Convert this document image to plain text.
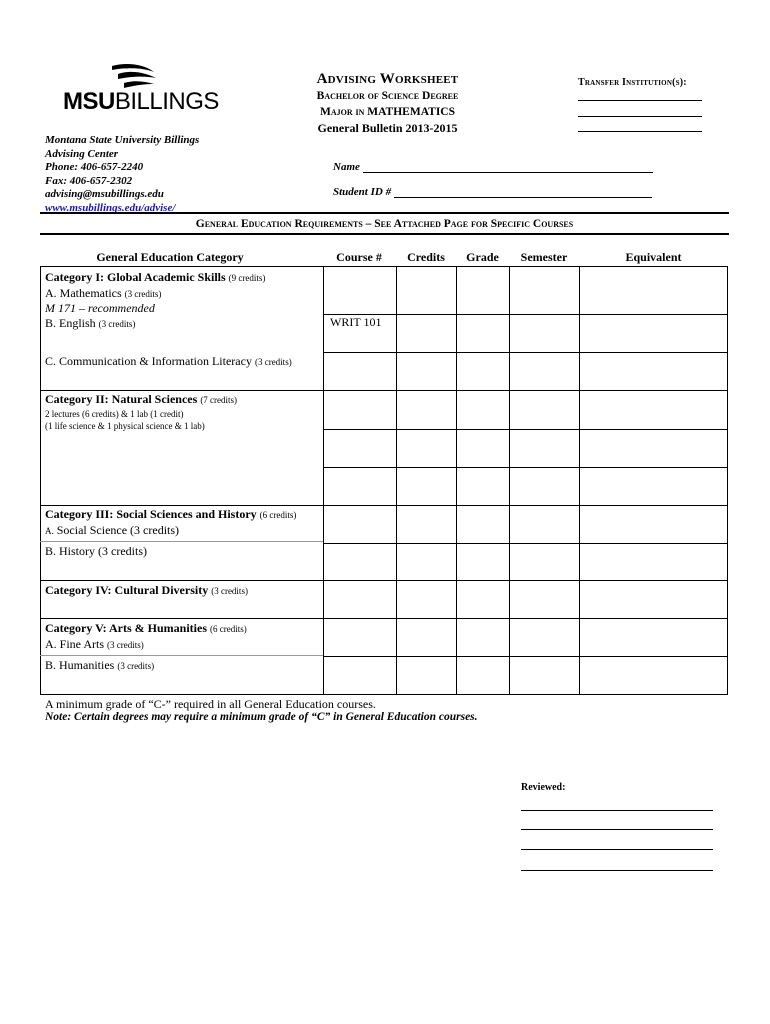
MSUBILLINGS
Montana State University Billings
Advising Center
Phone: 406-657-2240
Fax: 406-657-2302
advising@msubillings.edu
www.msubillings.edu/advise/
Advising Worksheet
Bachelor of Science Degree
Major in MATHEMATICS
General Bulletin 2013-2015
Transfer Institution(s):
Name
Student ID #
General Education Requirements – See Attached Page for Specific Courses
General Education Category	Course #	Credits	Grade	Semester	Equivalent
Category I: Global Academic Skills (9 credits)
A. Mathematics (3 credits)
M 171 – recommended
B. English (3 credits)	WRIT 101
C. Communication & Information Literacy (3 credits)
Category II: Natural Sciences (7 credits)
2 lectures (6 credits) & 1 lab (1 credit)
(1 life science & 1 physical science & 1 lab)
Category III: Social Sciences and History (6 credits)
A. Social Science (3 credits)
B. History (3 credits)
Category IV: Cultural Diversity (3 credits)
Category V: Arts & Humanities (6 credits)
A. Fine Arts (3 credits)
B. Humanities (3 credits)
A minimum grade of “C-” required in all General Education courses.
Note: Certain degrees may require a minimum grade of “C” in General Education courses.
Reviewed:
